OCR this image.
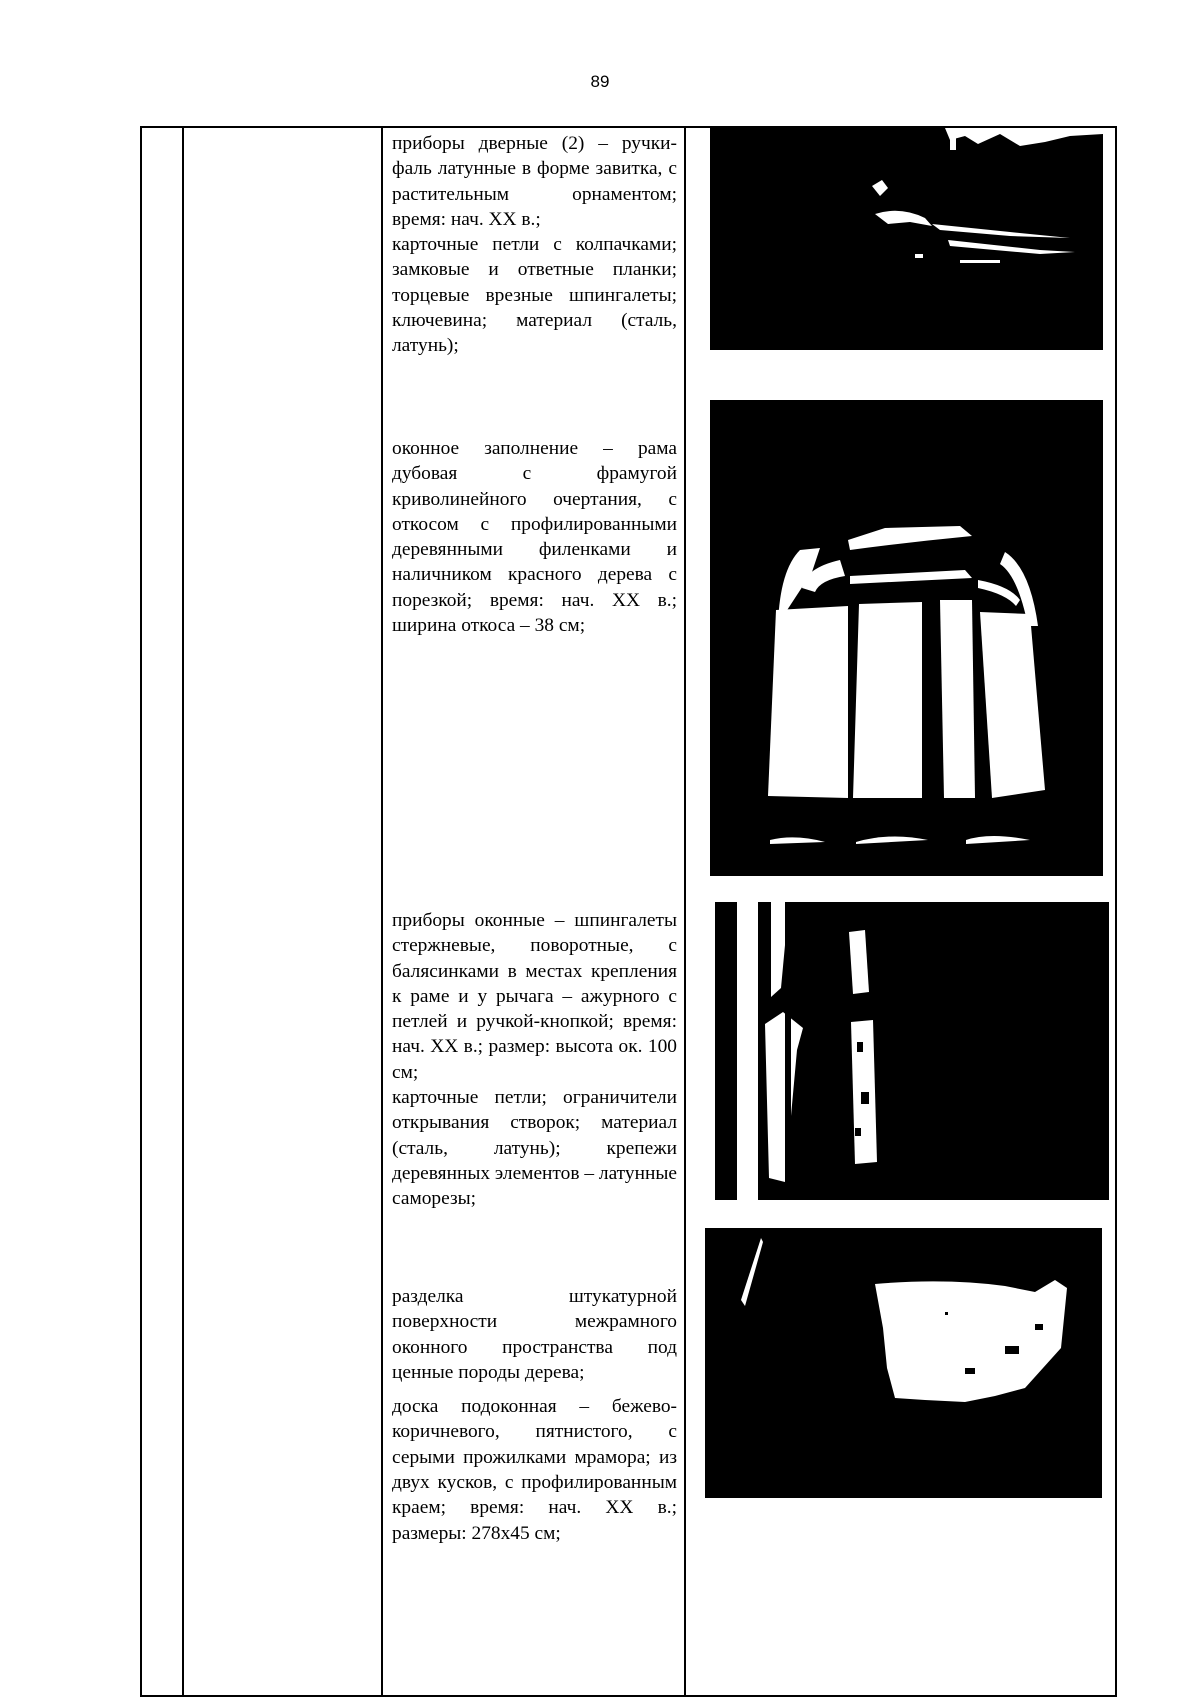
89

приборы дверные (2) – ручки-фаль латунные в форме завитка, с растительным орнаментом; время: нач. ХХ в.;

карточные петли с колпачками; замковые и ответные планки; торцевые врезные шпингалеты; ключевина; материал (сталь, латунь);

оконное заполнение – рама дубовая с фрамугой криволинейного очертания, с откосом с профилированными деревянными филенками и наличником красного дерева с порезкой; время: нач. ХХ в.; ширина откоса – 38 см;

приборы оконные – шпингалеты стержневые, поворотные, с балясинками в местах крепления к раме и у рычага – ажурного с петлей и ручкой-кнопкой; время: нач. ХХ в.; размер: высота ок. 100 см;

карточные петли; ограничители открывания створок; материал (сталь, латунь); крепежи деревянных элементов – латунные саморезы;

разделка штукатурной поверхности межрамного оконного пространства под ценные породы дерева;

доска подоконная – бежево-коричневого, пятнистого, с серыми прожилками мрамора; из двух кусков, с профилированным краем; время: нач. ХХ в.; размеры: 278х45 см;
